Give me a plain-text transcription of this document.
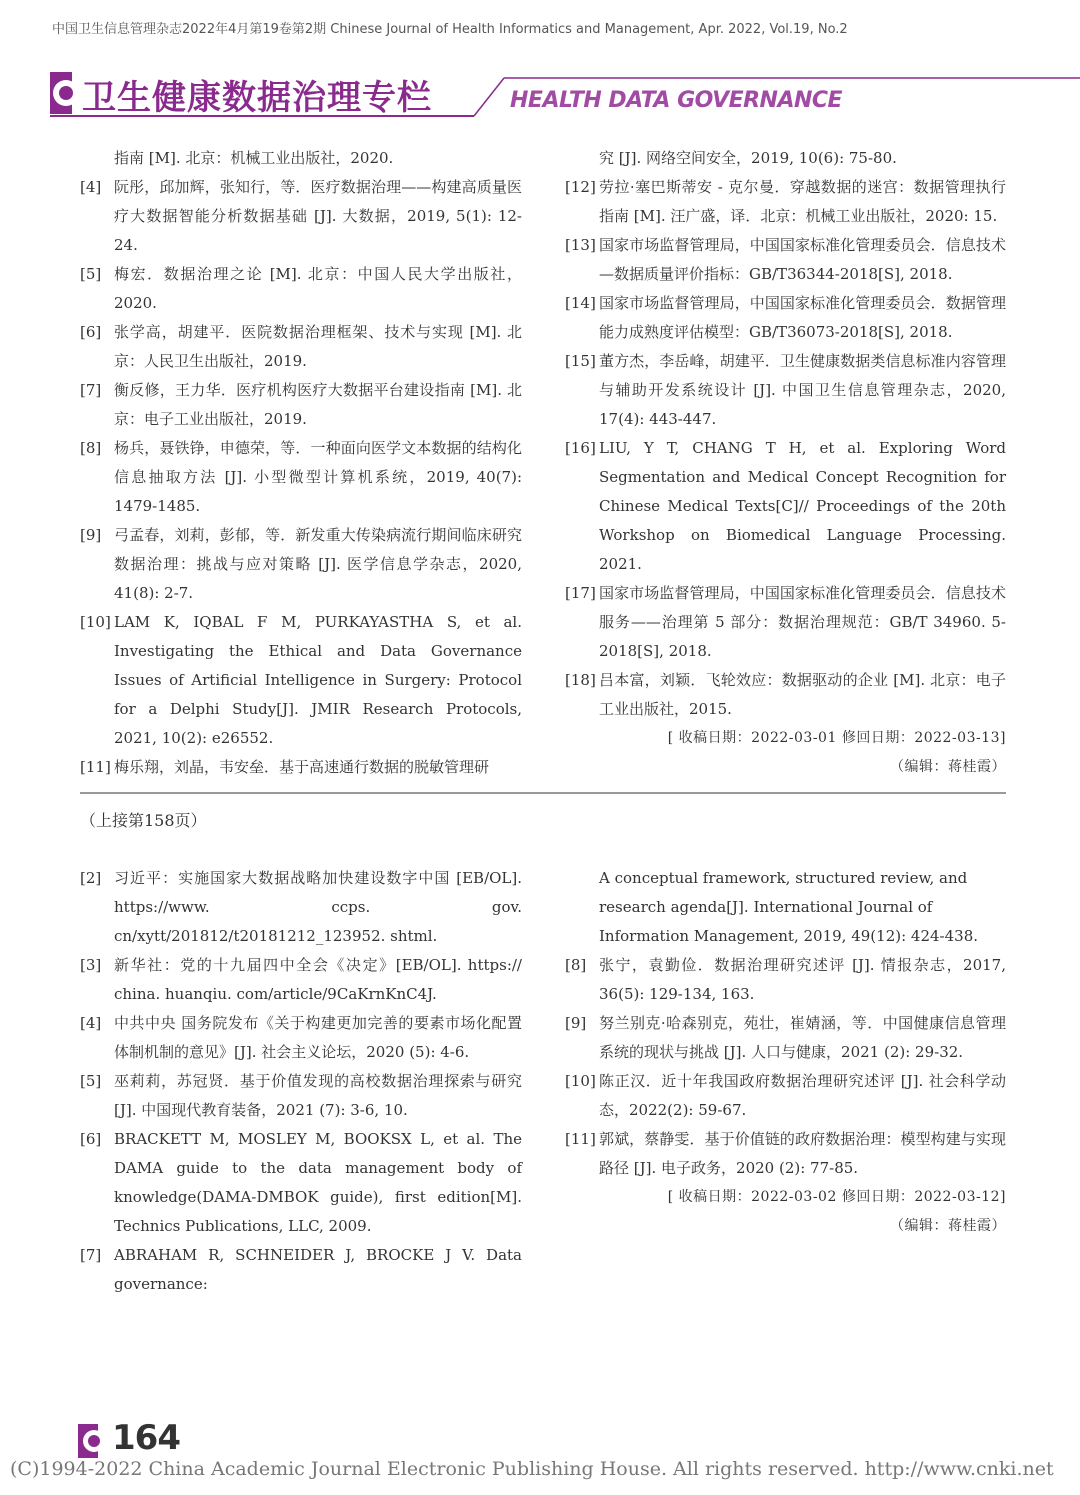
中国卫生信息管理杂志2022年4月第19卷第2期 Chinese Journal of Health Informatics and Management, Apr. 2022, Vol.19, No.2
卫生健康数据治理专栏	HEALTH DATA GOVERNANCE
指南 [M]. 北京：机械工业出版社，2020.
[4] 阮彤，邱加辉，张知行，等．医疗数据治理——构建高质量医疗大数据智能分析数据基础 [J]. 大数据，2019, 5(1): 12-24.
[5] 梅宏．数据治理之论 [M]. 北京：中国人民大学出版社，2020.
[6] 张学高，胡建平．医院数据治理框架、技术与实现 [M]. 北京：人民卫生出版社，2019.
[7] 衡反修，王力华．医疗机构医疗大数据平台建设指南 [M]. 北京：电子工业出版社，2019.
[8] 杨兵，聂铁铮，申德荣，等．一种面向医学文本数据的结构化信息抽取方法 [J]. 小型微型计算机系统，2019, 40(7): 1479-1485.
[9] 弓孟春，刘莉，彭郁，等．新发重大传染病流行期间临床研究数据治理：挑战与应对策略 [J]. 医学信息学杂志，2020, 41(8): 2-7.
[10] LAM K, IQBAL F M, PURKAYASTHA S, et al. Investigating the Ethical and Data Governance Issues of Artificial Intelligence in Surgery: Protocol for a Delphi Study[J]. JMIR Research Protocols, 2021, 10(2): e26552.
[11] 梅乐翔，刘晶，韦安垒．基于高速通行数据的脱敏管理研
究 [J]. 网络空间安全，2019, 10(6): 75-80.
[12] 劳拉·塞巴斯蒂安 - 克尔曼．穿越数据的迷宫：数据管理执行指南 [M]. 汪广盛，译．北京：机械工业出版社，2020: 15.
[13] 国家市场监督管理局，中国国家标准化管理委员会．信息技术—数据质量评价指标：GB/T36344-2018[S], 2018.
[14] 国家市场监督管理局，中国国家标准化管理委员会．数据管理能力成熟度评估模型：GB/T36073-2018[S], 2018.
[15] 董方杰，李岳峰，胡建平．卫生健康数据类信息标准内容管理与辅助开发系统设计 [J]. 中国卫生信息管理杂志，2020, 17(4): 443-447.
[16] LIU, Y T, CHANG T H, et al. Exploring Word Segmentation and Medical Concept Recognition for Chinese Medical Texts[C]// Proceedings of the 20th Workshop on Biomedical Language Processing. 2021.
[17] 国家市场监督管理局，中国国家标准化管理委员会．信息技术服务——治理第 5 部分：数据治理规范：GB/T 34960. 5-2018[S], 2018.
[18] 吕本富，刘颖．飞轮效应：数据驱动的企业 [M]. 北京：电子工业出版社，2015.
[ 收稿日期：2022-03-01 修回日期：2022-03-13]
（编辑：蒋桂霞）
（上接第158页）
[2] 习近平：实施国家大数据战略加快建设数字中国 [EB/OL]. https://www. ccps. gov. cn/xytt/201812/t20181212_123952. shtml.
[3] 新华社：党的十九届四中全会《决定》[EB/OL]. https:// china. huanqiu. com/article/9CaKrnKnC4J.
[4] 中共中央 国务院发布《关于构建更加完善的要素市场化配置体制机制的意见》[J]. 社会主义论坛，2020 (5): 4-6.
[5] 巫莉莉，苏冠贤．基于价值发现的高校数据治理探索与研究 [J]. 中国现代教育装备，2021 (7): 3-6, 10.
[6] BRACKETT M, MOSLEY M, BOOKSX L, et al. The DAMA guide to the data management body of knowledge(DAMA-DMBOK guide), first edition[M]. Technics Publications, LLC, 2009.
[7] ABRAHAM R, SCHNEIDER J, BROCKE J V. Data governance:
A conceptual framework, structured review, and research agenda[J]. International Journal of Information Management, 2019, 49(12): 424-438.
[8] 张宁，袁勤俭．数据治理研究述评 [J]. 情报杂志，2017, 36(5): 129-134, 163.
[9] 努兰别克·哈森别克，苑壮，崔婧涵，等．中国健康信息管理系统的现状与挑战 [J]. 人口与健康，2021 (2): 29-32.
[10] 陈正汉．近十年我国政府数据治理研究述评 [J]. 社会科学动态，2022(2): 59-67.
[11] 郭斌，蔡静雯．基于价值链的政府数据治理：模型构建与实现路径 [J]. 电子政务，2020 (2): 77-85.
[ 收稿日期：2022-03-02 修回日期：2022-03-12]
（编辑：蒋桂霞）
164
(C)1994-2022 China Academic Journal Electronic Publishing House. All rights reserved. http://www.cnki.net
